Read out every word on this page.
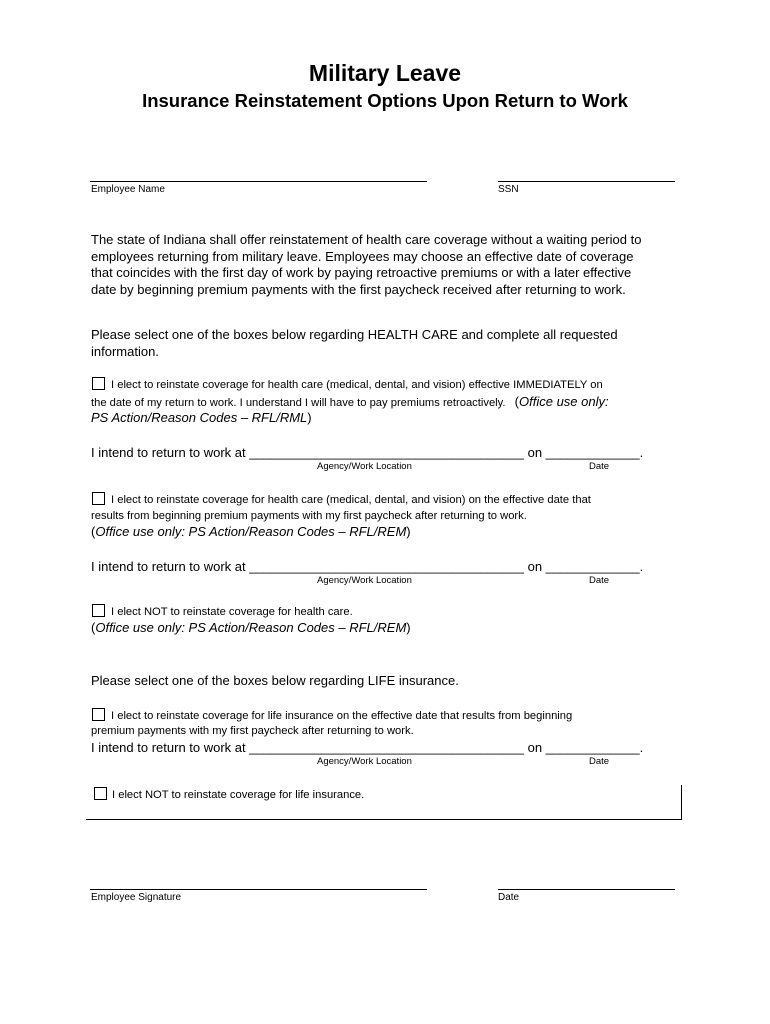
Military Leave
Insurance Reinstatement Options Upon Return to Work
Employee Name	SSN
The state of Indiana shall offer reinstatement of health care coverage without a waiting period to
employees returning from military leave. Employees may choose an effective date of coverage
that coincides with the first day of work by paying retroactive premiums or with a later effective
date by beginning premium payments with the first paycheck received after returning to work.
Please select one of the boxes below regarding HEALTH CARE and complete all requested
information.
I elect to reinstate coverage for health care (medical, dental, and vision) effective IMMEDIATELY on
the date of my return to work. I understand I will have to pay premiums retroactively. (Office use only:
PS Action/Reason Codes – RFL/RML)
I intend to return to work at ______________________________________ on _____________.
Agency/Work Location	Date
I elect to reinstate coverage for health care (medical, dental, and vision) on the effective date that
results from beginning premium payments with my first paycheck after returning to work.
(Office use only: PS Action/Reason Codes – RFL/REM)
I intend to return to work at ______________________________________ on _____________.
Agency/Work Location	Date
I elect NOT to reinstate coverage for health care.
(Office use only: PS Action/Reason Codes – RFL/REM)
Please select one of the boxes below regarding LIFE insurance.
I elect to reinstate coverage for life insurance on the effective date that results from beginning
premium payments with my first paycheck after returning to work.
I intend to return to work at ______________________________________ on _____________.
Agency/Work Location	Date
I elect NOT to reinstate coverage for life insurance.
Employee Signature	Date
